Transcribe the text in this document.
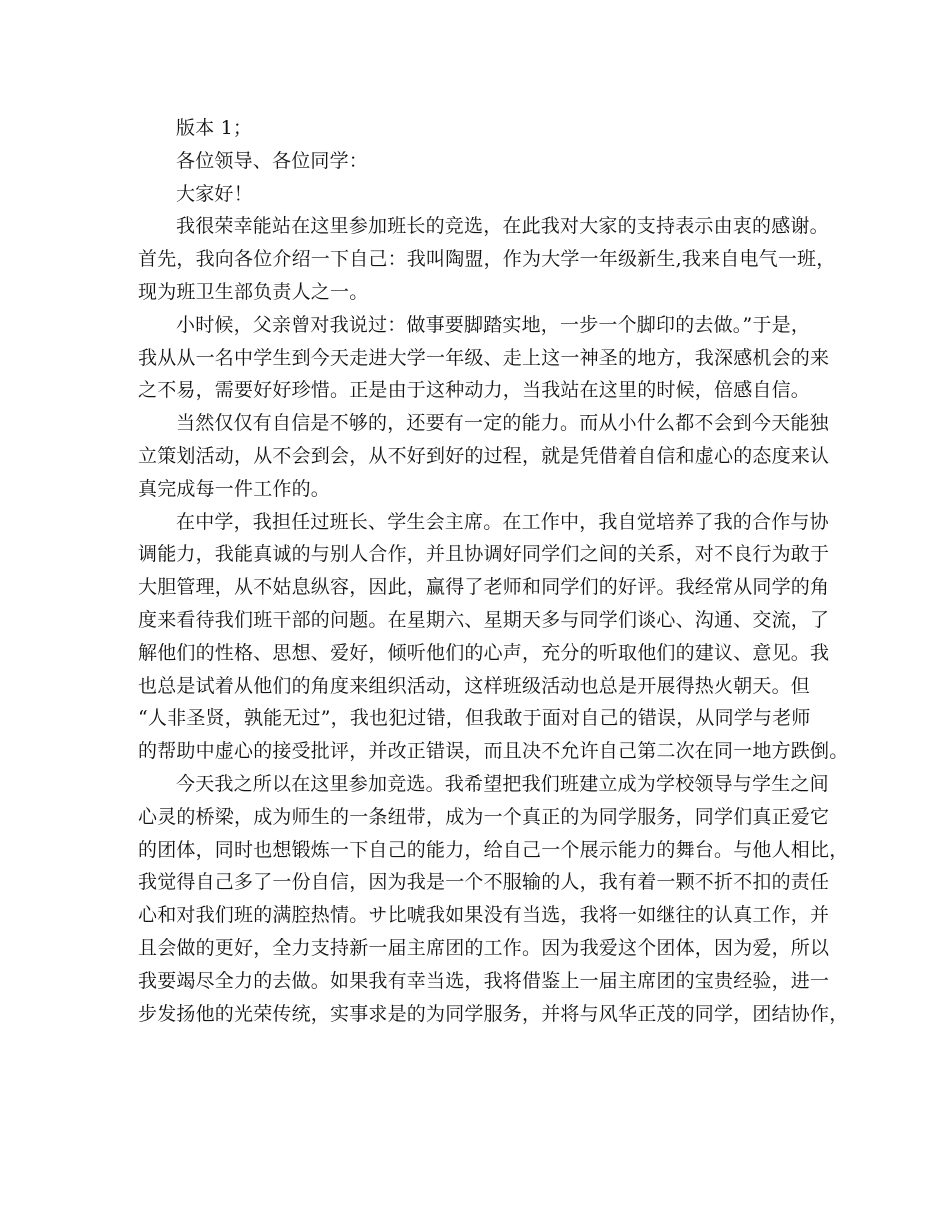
版本 1；
各位领导、各位同学：
大家好！
我很荣幸能站在这里参加班长的竞选，在此我对大家的支持表示由衷的感谢。
首先，我向各位介绍一下自己：我叫陶盟，作为大学一年级新生,我来自电气一班，
现为班卫生部负责人之一。
小时候，父亲曾对我说过：做事要脚踏实地，一步一个脚印的去做。”于是，
我从从一名中学生到今天走进大学一年级、走上这一神圣的地方，我深感机会的来
之不易，需要好好珍惜。正是由于这种动力，当我站在这里的时候，倍感自信。
当然仅仅有自信是不够的，还要有一定的能力。而从小什么都不会到今天能独
立策划活动，从不会到会，从不好到好的过程，就是凭借着自信和虚心的态度来认
真完成每一件工作的。
在中学，我担任过班长、学生会主席。在工作中，我自觉培养了我的合作与协
调能力，我能真诚的与别人合作，并且协调好同学们之间的关系，对不良行为敢于
大胆管理，从不姑息纵容，因此，赢得了老师和同学们的好评。我经常从同学的角
度来看待我们班干部的问题。在星期六、星期天多与同学们谈心、沟通、交流，了
解他们的性格、思想、爱好，倾听他们的心声，充分的听取他们的建议、意见。我
也总是试着从他们的角度来组织活动，这样班级活动也总是开展得热火朝天。但
“人非圣贤，孰能无过”，我也犯过错，但我敢于面对自己的错误，从同学与老师
的帮助中虚心的接受批评，并改正错误，而且决不允许自己第二次在同一地方跌倒。
今天我之所以在这里参加竞选。我希望把我们班建立成为学校领导与学生之间
心灵的桥梁，成为师生的一条纽带，成为一个真正的为同学服务，同学们真正爱它
的团体，同时也想锻炼一下自己的能力，给自己一个展示能力的舞台。与他人相比，
我觉得自己多了一份自信，因为我是一个不服输的人，我有着一颗不折不扣的责任
心和对我们班的满腔热情。サ比唬我如果没有当选，我将一如继往的认真工作，并
且会做的更好，全力支持新一届主席团的工作。因为我爱这个团体，因为爱，所以
我要竭尽全力的去做。如果我有幸当选，我将借鉴上一届主席团的宝贵经验，进一
步发扬他的光荣传统，实事求是的为同学服务，并将与风华正茂的同学，团结协作，
